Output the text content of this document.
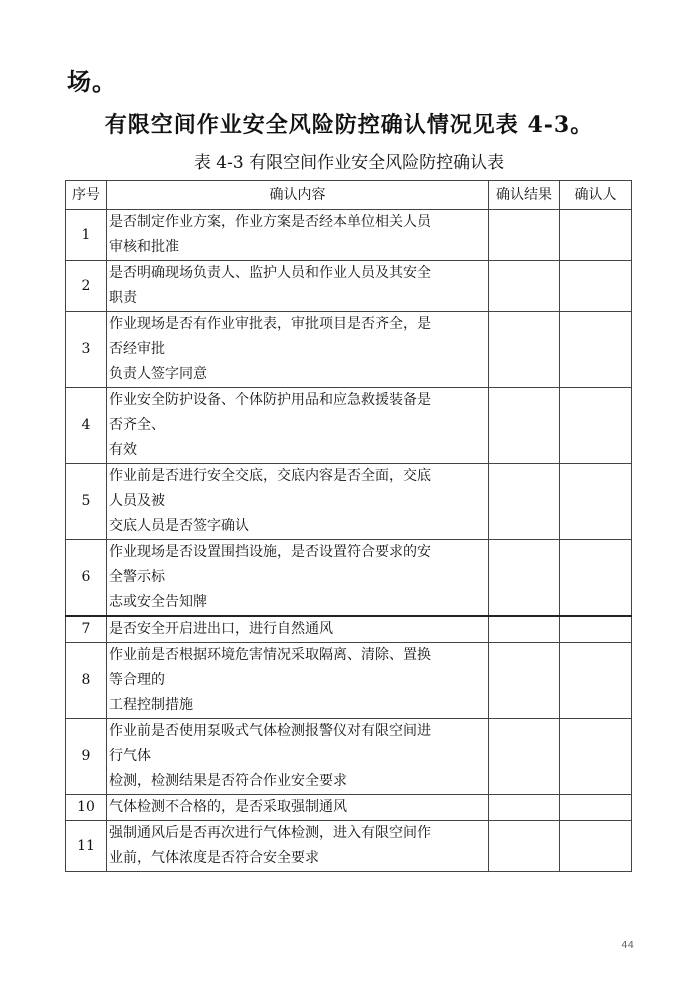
场。
有限空间作业安全风险防控确认情况见表 4-3。
表 4-3 有限空间作业安全风险防控确认表
序号	确认内容	确认结果	确认人
1	是否制定作业方案，作业方案是否经本单位相关人员
审核和批准		

2	是否明确现场负责人、监护人员和作业人员及其安全
职责		

3	作业现场是否有作业审批表，审批项目是否齐全，是
否经审批
负责人签字同意		

4	作业安全防护设备、个体防护用品和应急救援装备是
否齐全、
有效		

5	作业前是否进行安全交底，交底内容是否全面，交底
人员及被
交底人员是否签字确认		

6	作业现场是否设置围挡设施，是否设置符合要求的安
全警示标
志或安全告知牌		

7	是否安全开启进出口，进行自然通风		

8	作业前是否根据环境危害情况采取隔离、清除、置换
等合理的
工程控制措施		

9	作业前是否使用泵吸式气体检测报警仪对有限空间进
行气体
检测，检测结果是否符合作业安全要求		

10	气体检测不合格的，是否采取强制通风		

11	强制通风后是否再次进行气体检测，进入有限空间作
业前，气体浓度是否符合安全要求		

44
